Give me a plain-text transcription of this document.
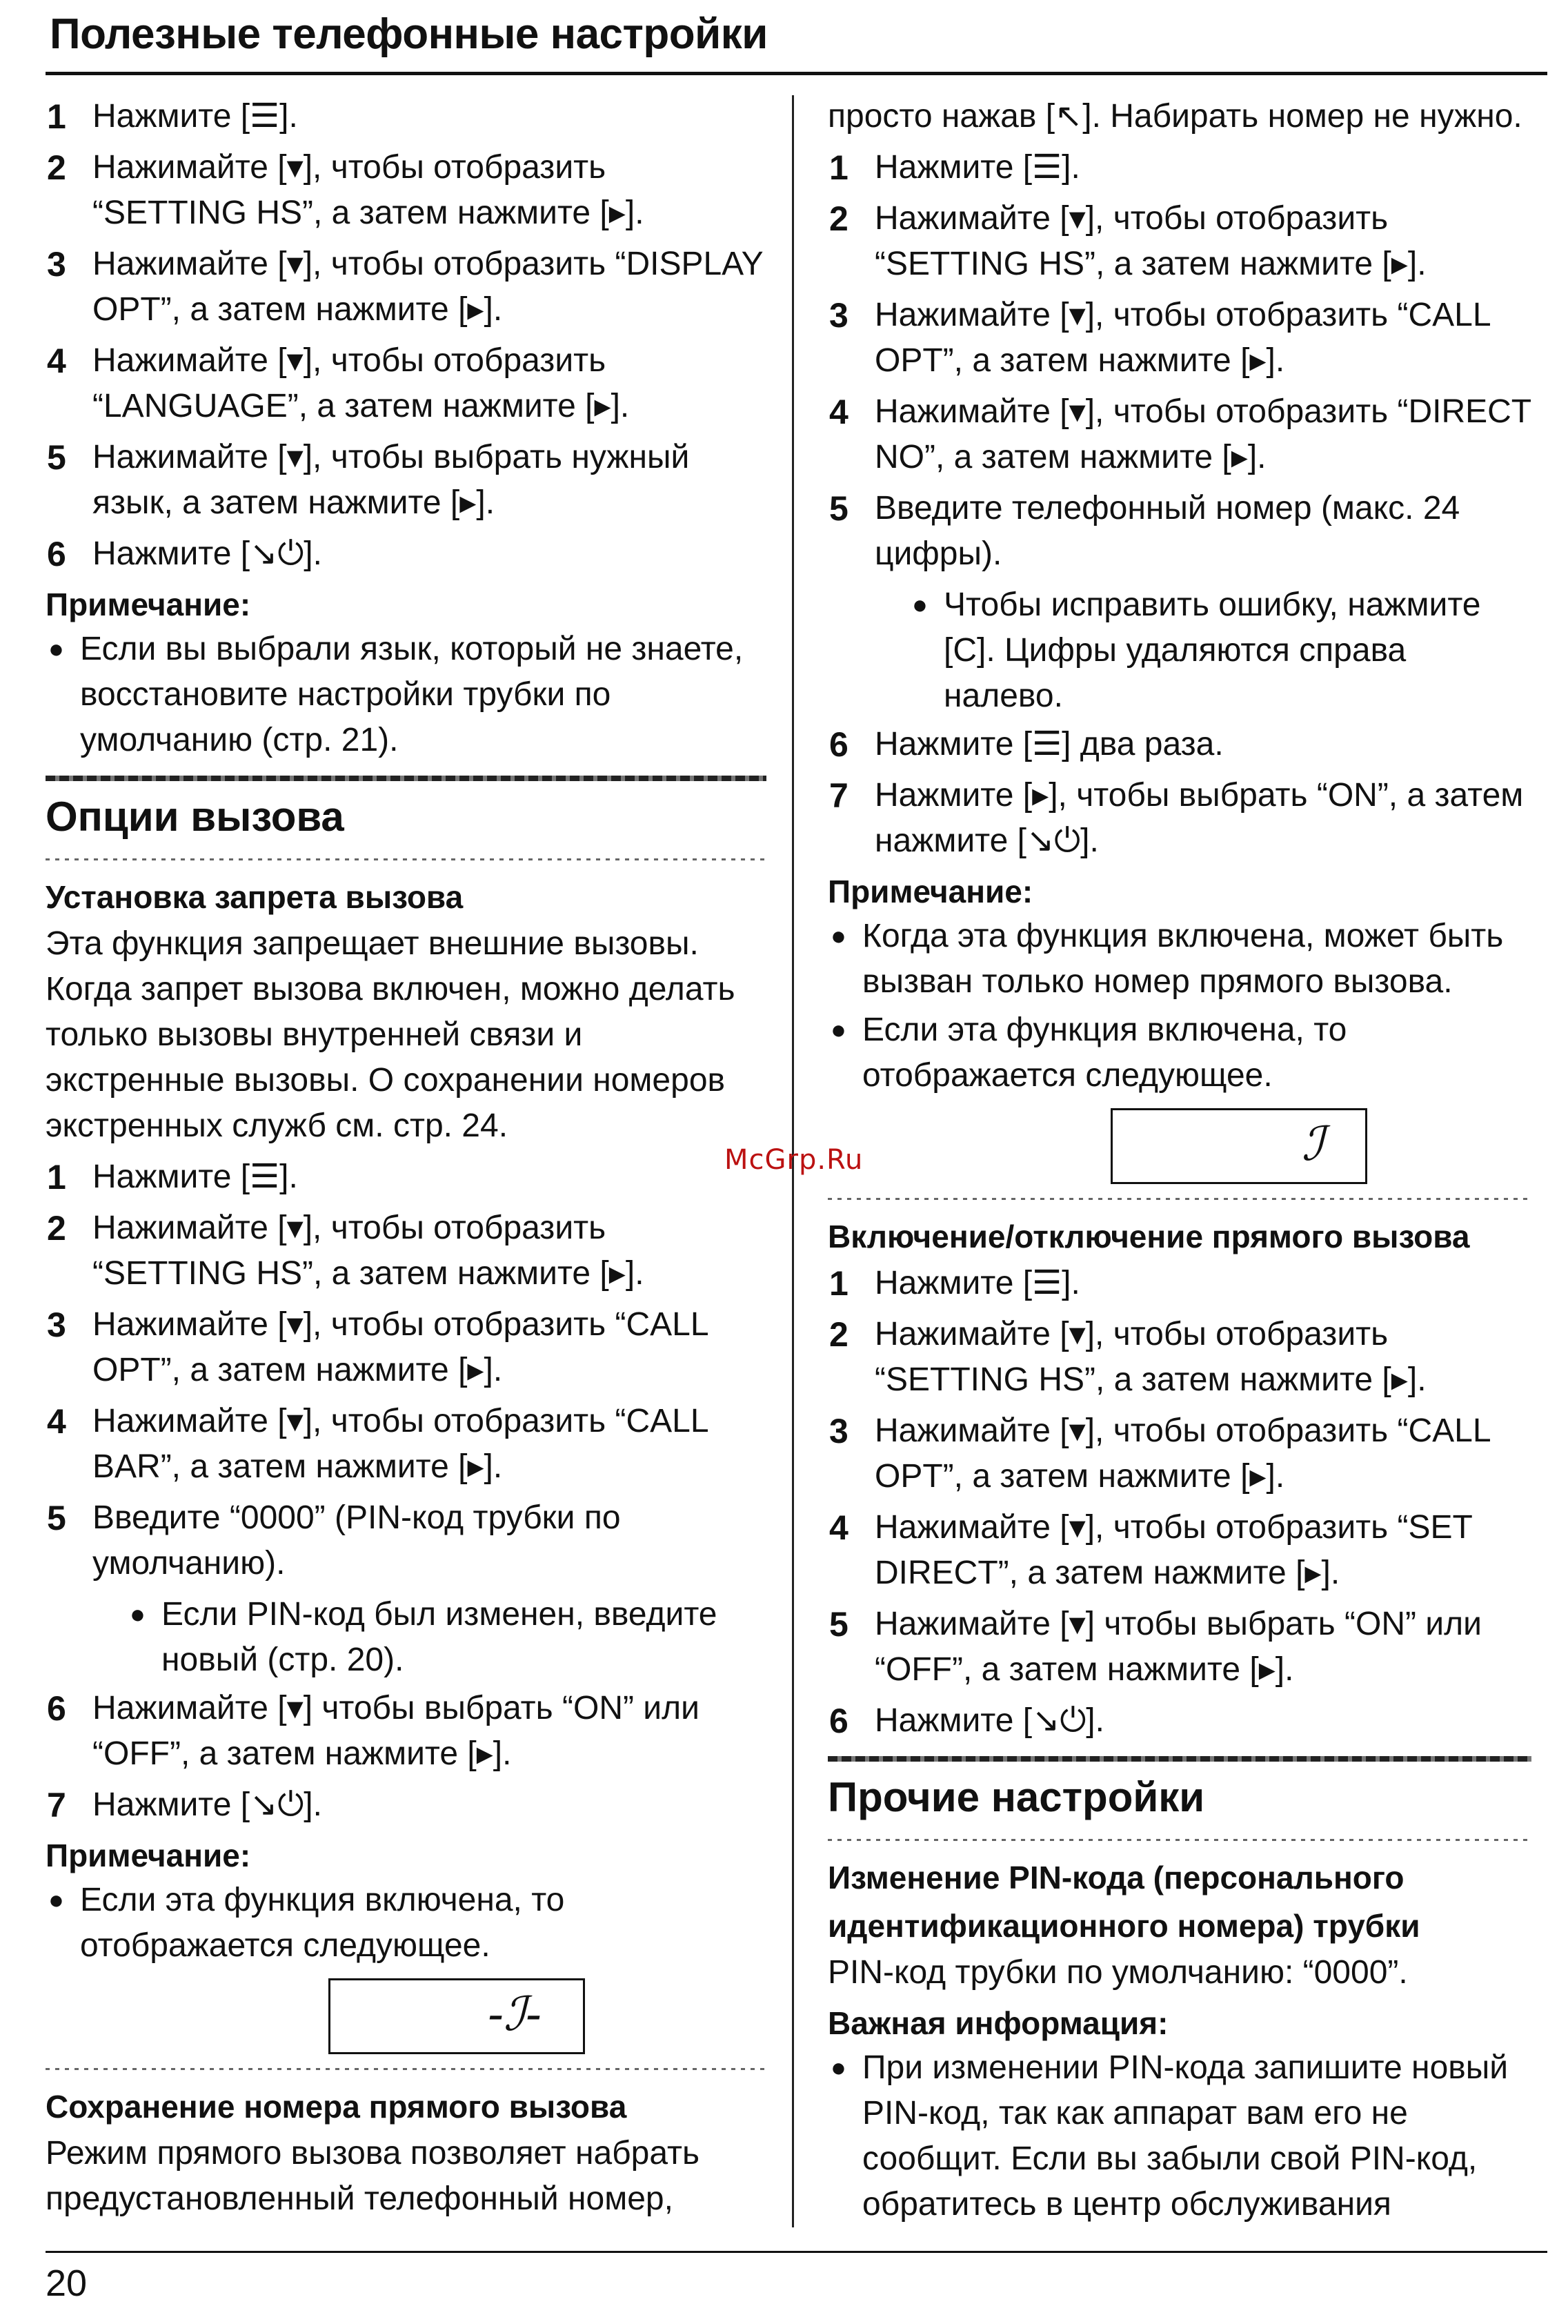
Полезные телефонные настройки
1 Нажмите [☰].
2 Нажимайте [▾], чтобы отобразить “SETTING HS”, а затем нажмите [▸].
3 Нажимайте [▾], чтобы отобразить “DISPLAY OPT”, а затем нажмите [▸].
4 Нажимайте [▾], чтобы отобразить “LANGUAGE”, а затем нажмите [▸].
5 Нажимайте [▾], чтобы выбрать нужный язык, а затем нажмите [▸].
6 Нажмите [↘⏻].
Примечание:
● Если вы выбрали язык, который не знаете, восстановите настройки трубки по умолчанию (стр. 21).
Опции вызова
Установка запрета вызова
Эта функция запрещает внешние вызовы. Когда запрет вызова включен, можно делать только вызовы внутренней связи и экстренные вызовы. О сохранении номеров экстренных служб см. стр. 24.
1 Нажмите [☰].
2 Нажимайте [▾], чтобы отобразить “SETTING HS”, а затем нажмите [▸].
3 Нажимайте [▾], чтобы отобразить “CALL OPT”, а затем нажмите [▸].
4 Нажимайте [▾], чтобы отобразить “CALL BAR”, а затем нажмите [▸].
5 Введите “0000” (PIN-код трубки по умолчанию).
● Если PIN-код был изменен, введите новый (стр. 20).
6 Нажимайте [▾] чтобы выбрать “ON” или “OFF”, а затем нажмите [▸].
7 Нажмите [↘⏻].
Примечание:
● Если эта функция включена, то отображается следующее.
-ℐ-
Сохранение номера прямого вызова
Режим прямого вызова позволяет набрать предустановленный телефонный номер,
просто нажав [↖]. Набирать номер не нужно.
1 Нажмите [☰].
2 Нажимайте [▾], чтобы отобразить “SETTING HS”, а затем нажмите [▸].
3 Нажимайте [▾], чтобы отобразить “CALL OPT”, а затем нажмите [▸].
4 Нажимайте [▾], чтобы отобразить “DIRECT NO”, а затем нажмите [▸].
5 Введите телефонный номер (макс. 24 цифры).
● Чтобы исправить ошибку, нажмите [C]. Цифры удаляются справа налево.
6 Нажмите [☰] два раза.
7 Нажмите [▸], чтобы выбрать “ON”, а затем нажмите [↘⏻].
Примечание:
● Когда эта функция включена, может быть вызван только номер прямого вызова.
● Если эта функция включена, то отображается следующее.
ℐ
Включение/отключение прямого вызова
1 Нажмите [☰].
2 Нажимайте [▾], чтобы отобразить “SETTING HS”, а затем нажмите [▸].
3 Нажимайте [▾], чтобы отобразить “CALL OPT”, а затем нажмите [▸].
4 Нажимайте [▾], чтобы отобразить “SET DIRECT”, а затем нажмите [▸].
5 Нажимайте [▾] чтобы выбрать “ON” или “OFF”, а затем нажмите [▸].
6 Нажмите [↘⏻].
Прочие настройки
Изменение PIN-кода (персонального идентификационного номера) трубки
PIN-код трубки по умолчанию: “0000”.
Важная информация:
● При изменении PIN-кода запишите новый PIN-код, так как аппарат вам его не сообщит. Если вы забыли свой PIN-код, обратитесь в центр обслуживания
McGrp.Ru
20
